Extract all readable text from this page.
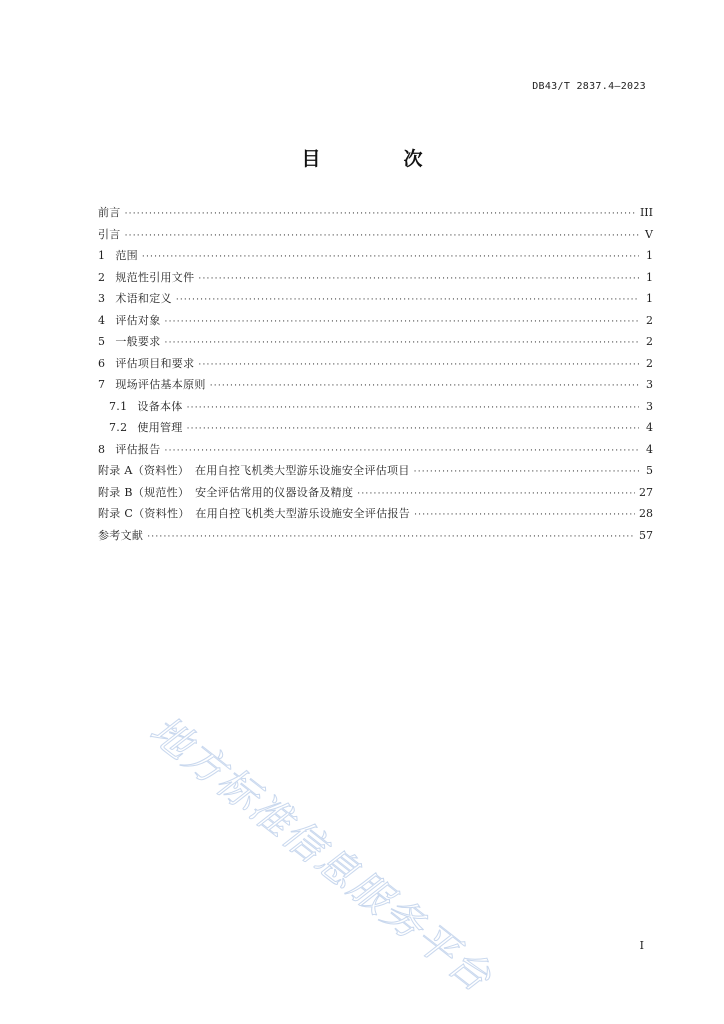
DB43/T 2837.4—2023
目　次
前言 ·····	III
引言 ·····	V
1 范围 ·····	1
2 规范性引用文件 ·····	1
3 术语和定义 ·····	1
4 评估对象 ·····	2
5 一般要求 ·····	2
6 评估项目和要求 ·····	2
7 现场评估基本原则 ·····	3
7.1 设备本体 ·····	3
7.2 使用管理 ·····	4
8 评估报告 ·····	4
附录 A（资料性）　在用自控飞机类大型游乐设施安全评估项目 ·····	5
附录 B（规范性）　安全评估常用的仪器设备及精度 ·····	27
附录 C（资料性）　在用自控飞机类大型游乐设施安全评估报告 ·····	28
参考文献 ·····	57
地方标准信息服务平台	I
